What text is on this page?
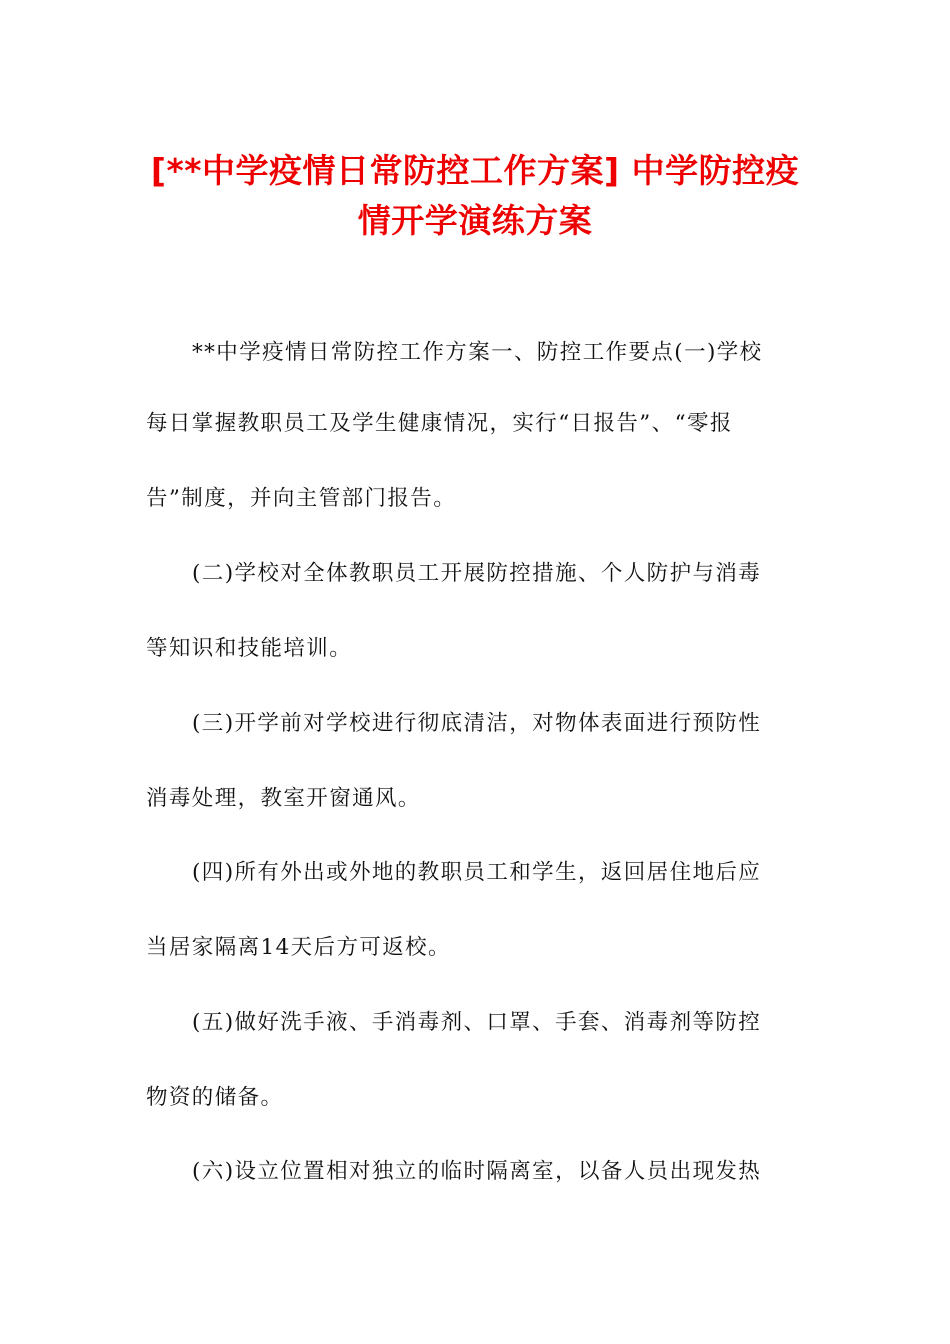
[**中学疫情日常防控工作方案] 中学防控疫
情开学演练方案
**中学疫情日常防控工作方案一、防控工作要点(一)学校
每日掌握教职员工及学生健康情况，实行“日报告”、“零报
告”制度，并向主管部门报告。
(二)学校对全体教职员工开展防控措施、个人防护与消毒
等知识和技能培训。
(三)开学前对学校进行彻底清洁，对物体表面进行预防性
消毒处理，教室开窗通风。
(四)所有外出或外地的教职员工和学生，返回居住地后应
当居家隔离14天后方可返校。
(五)做好洗手液、手消毒剂、口罩、手套、消毒剂等防控
物资的储备。
(六)设立位置相对独立的临时隔离室，以备人员出现发热
